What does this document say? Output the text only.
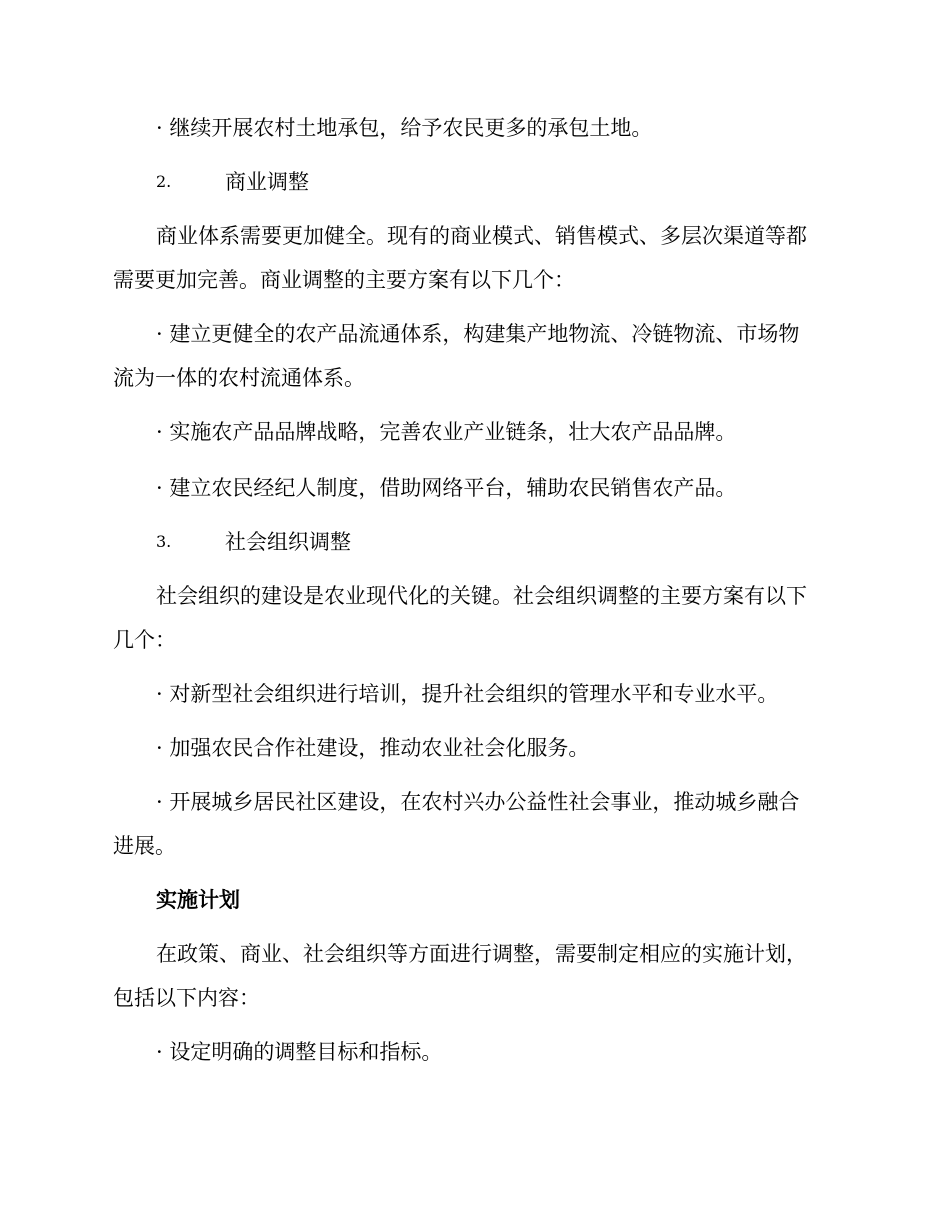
· 继续开展农村土地承包，给予农民更多的承包土地。
2.	商业调整
商业体系需要更加健全。现有的商业模式、销售模式、多层次渠道等都
需要更加完善。商业调整的主要方案有以下几个：
· 建立更健全的农产品流通体系，构建集产地物流、冷链物流、市场物
流为一体的农村流通体系。
· 实施农产品品牌战略，完善农业产业链条，壮大农产品品牌。
· 建立农民经纪人制度，借助网络平台，辅助农民销售农产品。
3.	社会组织调整
社会组织的建设是农业现代化的关键。社会组织调整的主要方案有以下
几个：
· 对新型社会组织进行培训，提升社会组织的管理水平和专业水平。
· 加强农民合作社建设，推动农业社会化服务。
· 开展城乡居民社区建设，在农村兴办公益性社会事业，推动城乡融合
进展。
实施计划
在政策、商业、社会组织等方面进行调整，需要制定相应的实施计划，
包括以下内容：
· 设定明确的调整目标和指标。
